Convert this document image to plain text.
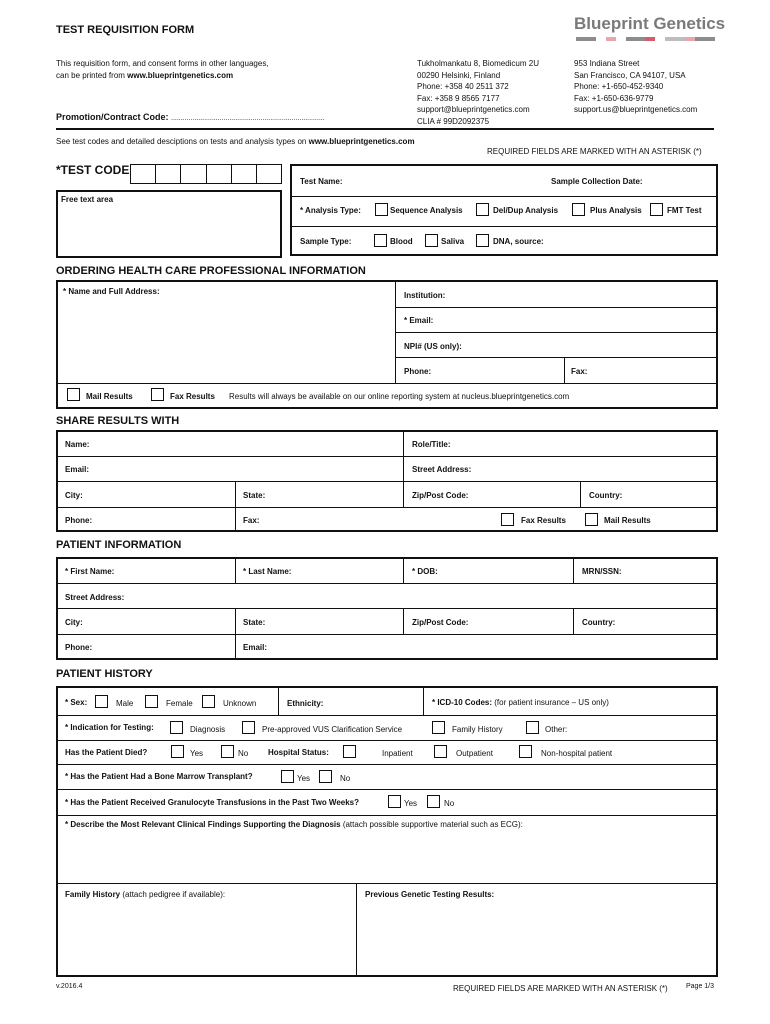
TEST REQUISITION FORM	Blueprint Genetics
This requisition form, and consent forms in other languages,
can be printed from www.blueprintgenetics.com
Tukholmankatu 8, Biomedicum 2U
00290 Helsinki, Finland
Phone: +358 40 2511 372
Fax: +358 9 8565 7177
support@blueprintgenetics.com
CLIA # 99D2092375
953 Indiana Street
San Francisco, CA 94107, USA
Phone: +1-650-452-9340
Fax: +1-650-636-9779
support.us@blueprintgenetics.com
Promotion/Contract Code: ...............................................................................
See test codes and detailed desciptions on tests and analysis types on www.blueprintgenetics.com
REQUIRED FIELDS ARE MARKED WITH AN ASTERISK (*)
*TEST CODE
Free text area
Test Name:	Sample Collection Date:
* Analysis Type:	Sequence Analysis	Del/Dup Analysis	Plus Analysis	FMT Test
Sample Type:	Blood	Saliva	DNA, source:
ORDERING HEALTH CARE PROFESSIONAL INFORMATION
* Name and Full Address:	Institution:
* Email:
NPI# (US only):
Phone:	Fax:
Mail Results	Fax Results Results will always be available on our online reporting system at nucleus.blueprintgenetics.com
SHARE RESULTS WITH
Name:	Role/Title:
Email:	Street Address:
City:	State:	Zip/Post Code:	Country:
Phone:	Fax:	Fax Results	Mail Results
PATIENT INFORMATION
* First Name:	* Last Name:	* DOB:	MRN/SSN:
Street Address:
City:	State:	Zip/Post Code:	Country:
Phone:	Email:
PATIENT HISTORY
* Sex:	Male	Female	Unknown	Ethnicity:	* ICD-10 Codes: (for patient insurance – US only)
* Indication for Testing:	Diagnosis	Pre-approved VUS Clarification Service	Family History	Other:
Has the Patient Died?	Yes	No Hospital Status:	Inpatient	Outpatient	Non-hospital patient
* Has the Patient Had a Bone Marrow Transplant?	Yes	No
* Has the Patient Received Granulocyte Transfusions in the Past Two Weeks?	Yes	No
* Describe the Most Relevant Clinical Findings Supporting the Diagnosis (attach possible supportive material such as ECG):
Family History (attach pedigree if available):	Previous Genetic Testing Results:
v.2016.4	REQUIRED FIELDS ARE MARKED WITH AN ASTERISK (*)	Page 1/3
